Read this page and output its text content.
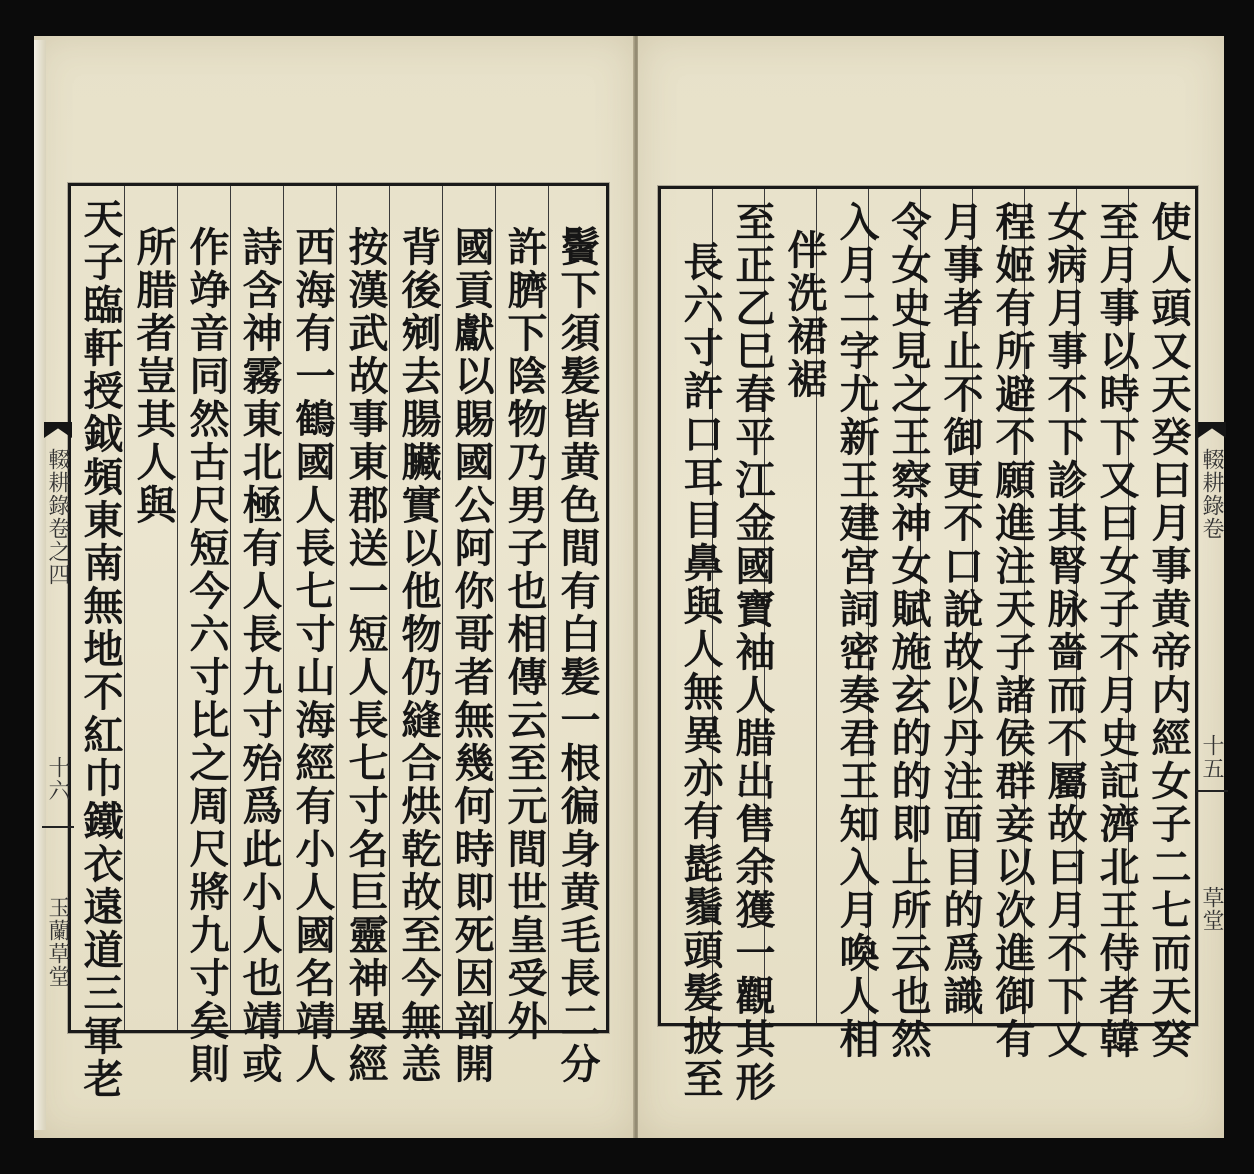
使人頭又天癸曰月事黄帝内經女子二七而天癸
至月事以時下又曰女子不月史記濟北王侍者韓
女病月事不下診其腎脉嗇而不屬故曰月不下又
程姬有所避不願進注天子諸侯群妾以次進御有
月事者止不御更不口說故以丹注面目的爲識
令女史見之王察神女賦施玄的的即上所云也然
入月二字尤新王建宮詞密奏君王知入月喚人相
伴洗裙裾
至正乙巳春平江金國寶袖人腊出售余獲一觀其形
長六寸許口耳目鼻與人無異亦有髭鬚頭髪披至	輟耕錄卷
十五
草堂
鬢下須髪皆黄色間有白髪一根徧身黄毛長二分
許臍下陰物乃男子也相傳云至元間世皇受外
國貢獻以賜國公阿你哥者無幾何時即死因剖開
背後剜去腸臟實以他物仍縫合烘乾故至今無恙
按漢武故事東郡送一短人長七寸名巨靈神異經
西海有一鶴國人長七寸山海經有小人國名靖人
詩含神霧東北極有人長九寸殆爲此小人也靖或
作竫音同然古尺短今六寸比之周尺將九寸矣則
所腊者豈其人與
天子臨軒授鉞頻東南無地不紅巾鐵衣遠道三軍老
輟耕錄卷之四
十六
玉蘭草堂
